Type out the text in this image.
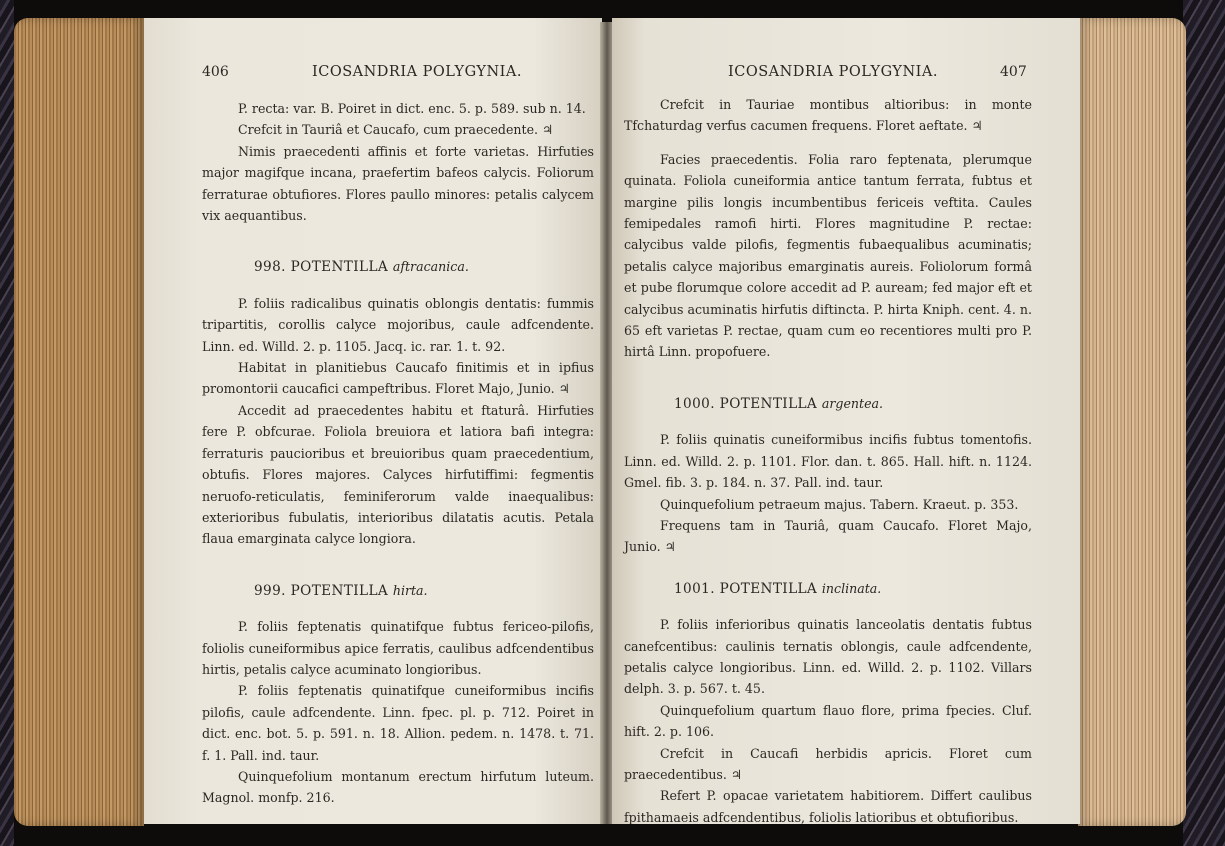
406	ICOSANDRIA POLYGYNIA.

P. recta: var. B. Poiret in dict. enc. 5. p. 589. sub n. 14.

Crefcit in Tauriâ et Caucafo, cum praecedente. ♃

Nimis praecedenti affinis et forte varietas. Hirfuties major magifque incana, praefertim bafeos calycis. Foliorum ferraturae obtufiores. Flores paullo minores: petalis calycem vix aequantibus.

998. POTENTILLA aftracanica.

P. foliis radicalibus quinatis oblongis dentatis: fummis tripartitis, corollis calyce mojoribus, caule adfcendente. Linn. ed. Willd. 2. p. 1105. Jacq. ic. rar. 1. t. 92.

Habitat in planitiebus Caucafo finitimis et in ipfius promontorii caucafici campeftribus. Floret Majo, Junio. ♃

Accedit ad praecedentes habitu et ftaturâ. Hirfuties fere P. obfcurae. Foliola breuiora et latiora bafi integra: ferraturis paucioribus et breuioribus quam praecedentium, obtufis. Flores majores. Calyces hirfutiffimi: fegmentis neruofo-reticulatis, feminiferorum valde inaequalibus: exterioribus fubulatis, interioribus dilatatis acutis. Petala flaua emarginata calyce longiora.

999. POTENTILLA hirta.

P. foliis feptenatis quinatifque fubtus fericeo-pilofis, foliolis cuneiformibus apice ferratis, caulibus adfcendentibus hirtis, petalis calyce acuminato longioribus.

P. foliis feptenatis quinatifque cuneiformibus incifis pilofis, caule adfcendente. Linn. fpec. pl. p. 712. Poiret in dict. enc. bot. 5. p. 591. n. 18. Allion. pedem. n. 1478. t. 71. f. 1. Pall. ind. taur.

Quinquefolium montanum erectum hirfutum luteum. Magnol. monfp. 216.

ICOSANDRIA POLYGYNIA.	407

Crefcit in Tauriae montibus altioribus: in monte Tfchaturdag verfus cacumen frequens. Floret aeftate. ♃

Facies praecedentis. Folia raro feptenata, plerumque quinata. Foliola cuneiformia antice tantum ferrata, fubtus et margine pilis longis incumbentibus fericeis veftita. Caules femipedales ramofi hirti. Flores magnitudine P. rectae: calycibus valde pilofis, fegmentis fubaequalibus acuminatis; petalis calyce majoribus emarginatis aureis. Foliolorum formâ et pube florumque colore accedit ad P. auream; fed major eft et calycibus acuminatis hirfutis diftincta. P. hirta Kniph. cent. 4. n. 65 eft varietas P. rectae, quam cum eo recentiores multi pro P. hirtâ Linn. propofuere.

1000. POTENTILLA argentea.

P. foliis quinatis cuneiformibus incifis fubtus tomentofis. Linn. ed. Willd. 2. p. 1101. Flor. dan. t. 865. Hall. hift. n. 1124. Gmel. fib. 3. p. 184. n. 37. Pall. ind. taur.

Quinquefolium petraeum majus. Tabern. Kraeut. p. 353.

Frequens tam in Tauriâ, quam Caucafo. Floret Majo, Junio. ♃

1001. POTENTILLA inclinata.

P. foliis inferioribus quinatis lanceolatis dentatis fubtus canefcentibus: caulinis ternatis oblongis, caule adfcendente, petalis calyce longioribus. Linn. ed. Willd. 2. p. 1102. Villars delph. 3. p. 567. t. 45.

Quinquefolium quartum flauo flore, prima fpecies. Cluf. hift. 2. p. 106.

Crefcit in Caucafi herbidis apricis. Floret cum praecedentibus. ♃

Refert P. opacae varietatem habitiorem. Differt caulibus fpithamaeis adfcendentibus, foliolis latioribus et obtufioribus.
